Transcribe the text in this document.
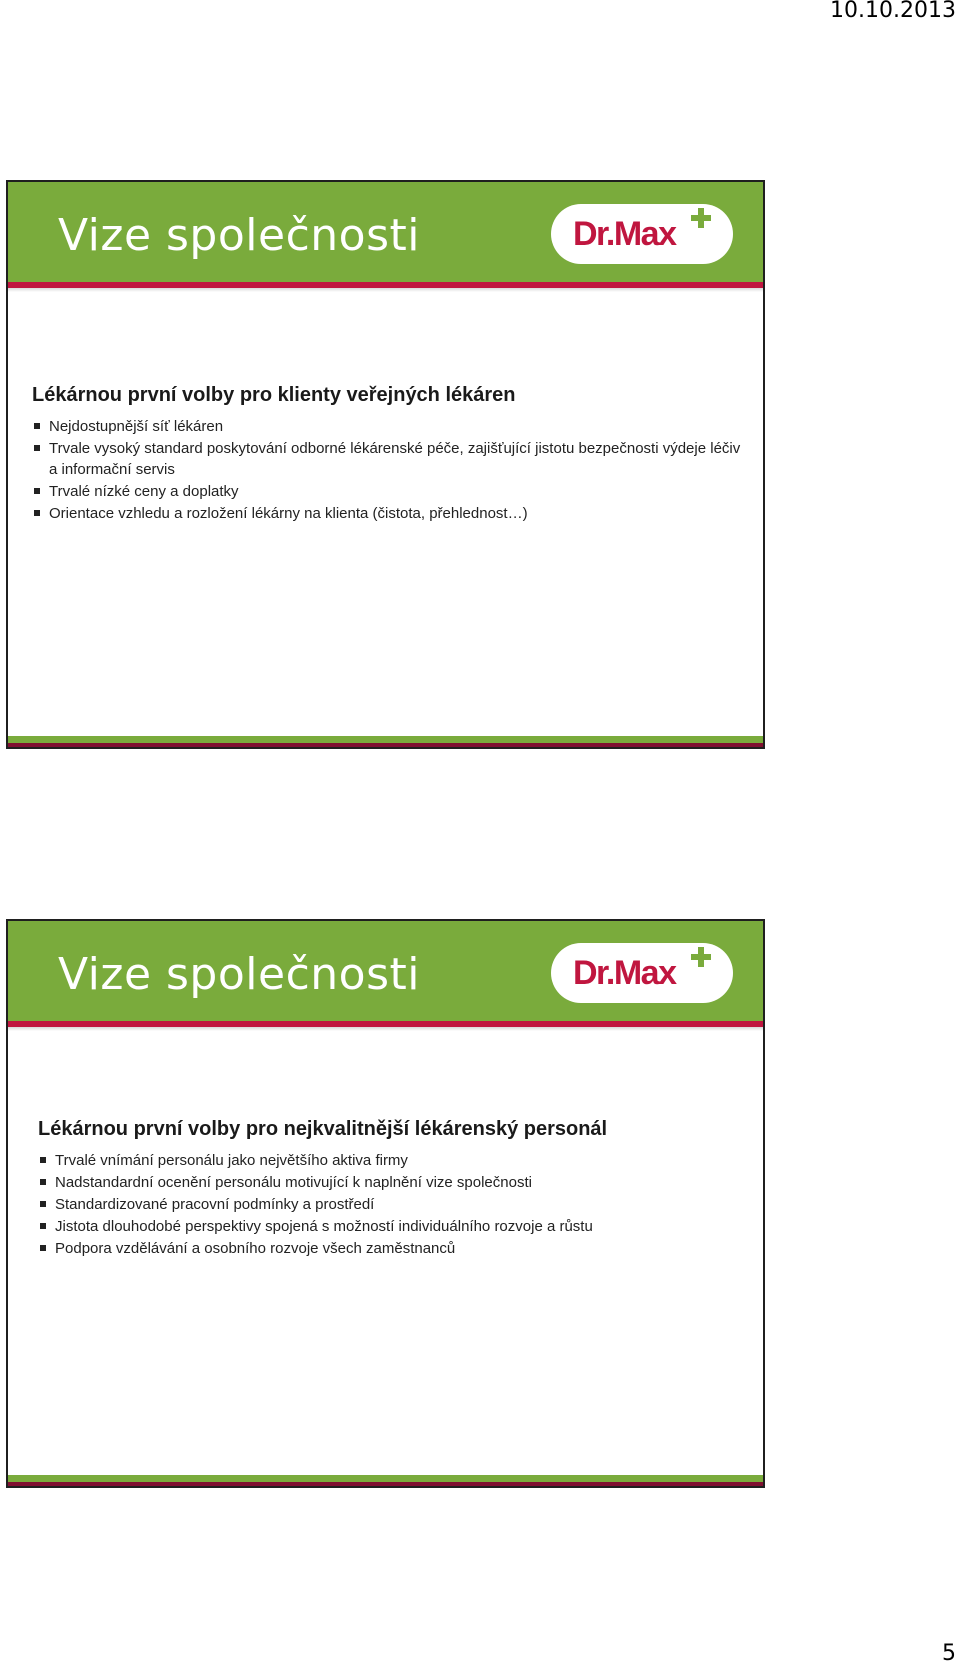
10.10.2013
Vize společnosti	Dr.Max
Lékárnou první volby pro klienty veřejných lékáren
Nejdostupnější síť lékáren
Trvale vysoký standard poskytování odborné lékárenské péče, zajišťující jistotu bezpečnosti výdeje léčiv a informační servis
Trvalé nízké ceny a doplatky
Orientace vzhledu a rozložení lékárny na klienta (čistota, přehlednost…)
Vize společnosti	Dr.Max
Lékárnou první volby pro nejkvalitnější lékárenský personál
Trvalé vnímání personálu jako největšího aktiva firmy
Nadstandardní ocenění personálu motivující k naplnění vize společnosti
Standardizované pracovní podmínky a prostředí
Jistota dlouhodobé perspektivy spojená s možností individuálního rozvoje a růstu
Podpora vzdělávání a osobního rozvoje všech zaměstnanců
5
